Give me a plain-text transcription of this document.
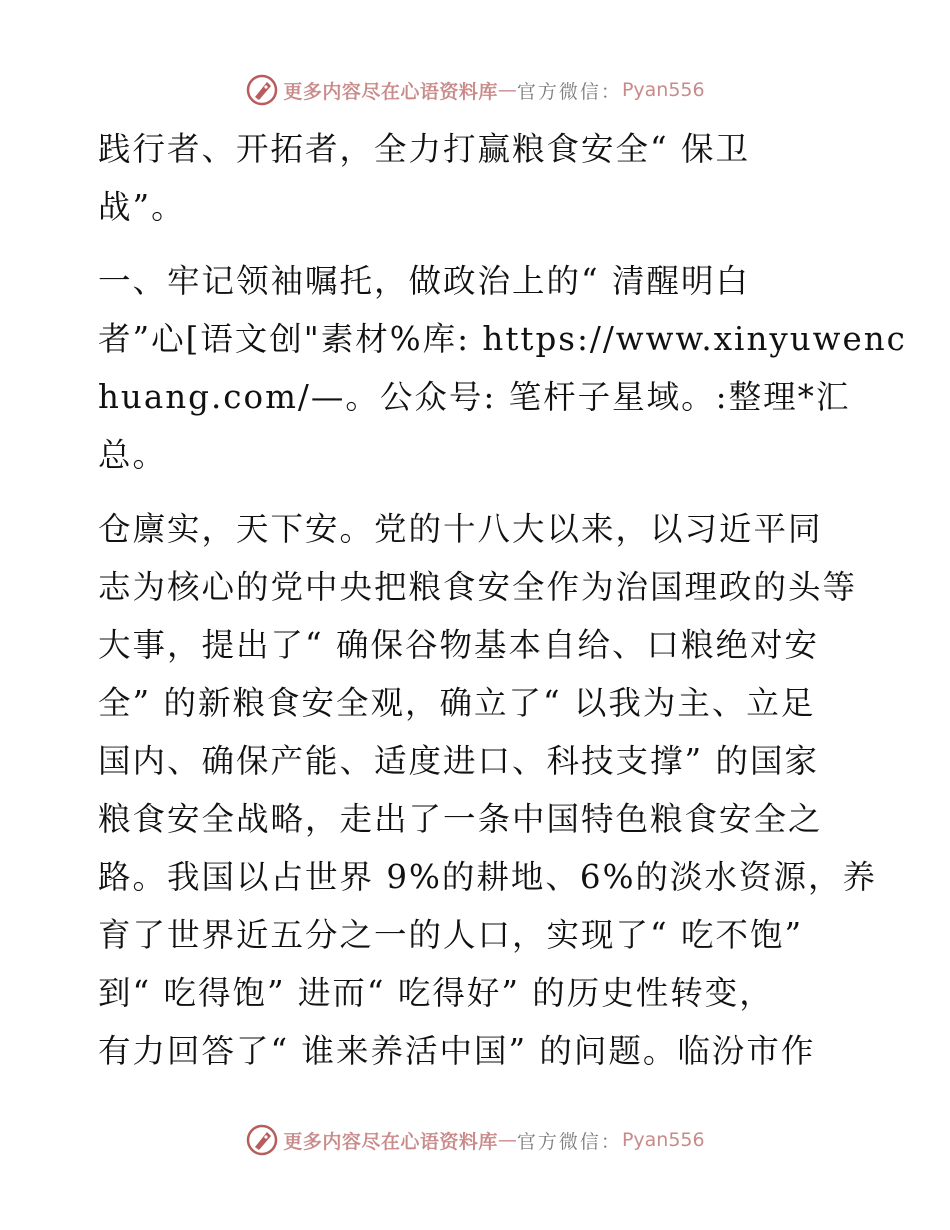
更多内容尽在心语资料库 — 官方微信： Pyan556
践行者、开拓者，全力打赢粮食安全“ 保卫
战”。
一、牢记领袖嘱托，做政治上的“ 清醒明白
者”心[语文创"素材%库: https://www.xinyuwenc
huang.com/—。公众号: 笔杆子星域。:整理*汇
总。
仓廪实，天下安。党的十八大以来，以习近平同
志为核心的党中央把粮食安全作为治国理政的头等
大事，提出了“ 确保谷物基本自给、口粮绝对安
全” 的新粮食安全观，确立了“ 以我为主、立足
国内、确保产能、适度进口、科技支撑” 的国家
粮食安全战略，走出了一条中国特色粮食安全之
路。我国以占世界 9%的耕地、6%的淡水资源，养
育了世界近五分之一的人口，实现了“ 吃不饱”
到“ 吃得饱” 进而“ 吃得好” 的历史性转变，
有力回答了“ 谁来养活中国” 的问题。临汾市作
更多内容尽在心语资料库 — 官方微信： Pyan556
